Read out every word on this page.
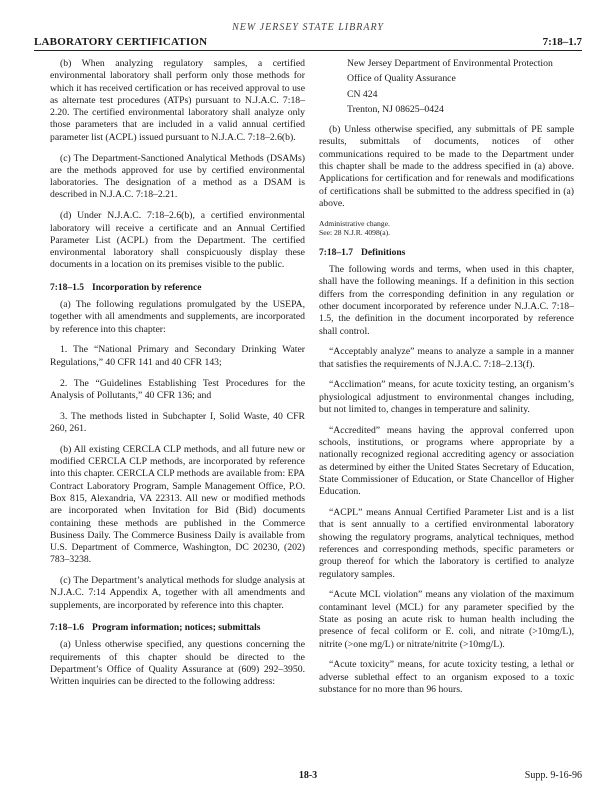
NEW JERSEY STATE LIBRARY
LABORATORY CERTIFICATION	7:18–1.7

(b) When analyzing regulatory samples, a certified environmental laboratory shall perform only those methods for which it has received certification or has received approval to use as alternate test procedures (ATPs) pursuant to N.J.A.C. 7:18–2.20. The certified environmental laboratory shall analyze only those parameters that are included in a valid annual certified parameter list (ACPL) issued pursuant to N.J.A.C. 7:18–2.6(b).

(c) The Department-Sanctioned Analytical Methods (DSAMs) are the methods approved for use by certified environmental laboratories. The designation of a method as a DSAM is described in N.J.A.C. 7:18–2.21.

(d) Under N.J.A.C. 7:18–2.6(b), a certified environmental laboratory will receive a certificate and an Annual Certified Parameter List (ACPL) from the Department. The certified environmental laboratory shall conspicuously display these documents in a location on its premises visible to the public.

7:18–1.5 Incorporation by reference

(a) The following regulations promulgated by the USEPA, together with all amendments and supplements, are incorporated by reference into this chapter:

1. The “National Primary and Secondary Drinking Water Regulations,” 40 CFR 141 and 40 CFR 143;

2. The “Guidelines Establishing Test Procedures for the Analysis of Pollutants,” 40 CFR 136; and

3. The methods listed in Subchapter I, Solid Waste, 40 CFR 260, 261.

(b) All existing CERCLA CLP methods, and all future new or modified CERCLA CLP methods, are incorporated by reference into this chapter. CERCLA CLP methods are available from: EPA Contract Laboratory Program, Sample Management Office, P.O. Box 815, Alexandria, VA 22313. All new or modified methods are incorporated when Invitation for Bid (Bid) documents containing these methods are published in the Commerce Business Daily. The Commerce Business Daily is available from U.S. Department of Commerce, Washington, DC 20230, (202) 783–3238.

(c) The Department’s analytical methods for sludge analysis at N.J.A.C. 7:14 Appendix A, together with all amendments and supplements, are incorporated by reference into this chapter.

7:18–1.6 Program information; notices; submittals

(a) Unless otherwise specified, any questions concerning the requirements of this chapter should be directed to the Department’s Office of Quality Assurance at (609) 292–3950. Written inquiries can be directed to the following address:

New Jersey Department of Environmental Protection
Office of Quality Assurance
CN 424
Trenton, NJ 08625–0424

(b) Unless otherwise specified, any submittals of PE sample results, submittals of documents, notices of other communications required to be made to the Department under this chapter shall be made to the address specified in (a) above. Applications for certification and for renewals and modifications of certifications shall be submitted to the address specified in (a) above.

Administrative change.
See: 28 N.J.R. 4098(a).
7:18–1.7 Definitions

The following words and terms, when used in this chapter, shall have the following meanings. If a definition in this section differs from the corresponding definition in any regulation or other document incorporated by reference under N.J.A.C. 7:18–1.5, the definition in the document incorporated by reference shall control.

“Acceptably analyze” means to analyze a sample in a manner that satisfies the requirements of N.J.A.C. 7:18–2.13(f).

“Acclimation” means, for acute toxicity testing, an organism’s physiological adjustment to environmental changes including, but not limited to, changes in temperature and salinity.

“Accredited” means having the approval conferred upon schools, institutions, or programs where appropriate by a nationally recognized regional accrediting agency or association as determined by either the United States Secretary of Education, State Commissioner of Education, or State Chancellor of Higher Education.

“ACPL” means Annual Certified Parameter List and is a list that is sent annually to a certified environmental laboratory showing the regulatory programs, analytical techniques, method references and corresponding methods, specific parameters or group thereof for which the laboratory is certified to analyze regulatory samples.

“Acute MCL violation” means any violation of the maximum contaminant level (MCL) for any parameter specified by the State as posing an acute risk to human health including the presence of fecal coliform or E. coli, and nitrate (>10mg/L), nitrite (>one mg/L) or nitrate/nitrite (>10mg/L).

“Acute toxicity” means, for acute toxicity testing, a lethal or adverse sublethal effect to an organism exposed to a toxic substance for no more than 96 hours.

18-3	Supp. 9-16-96
